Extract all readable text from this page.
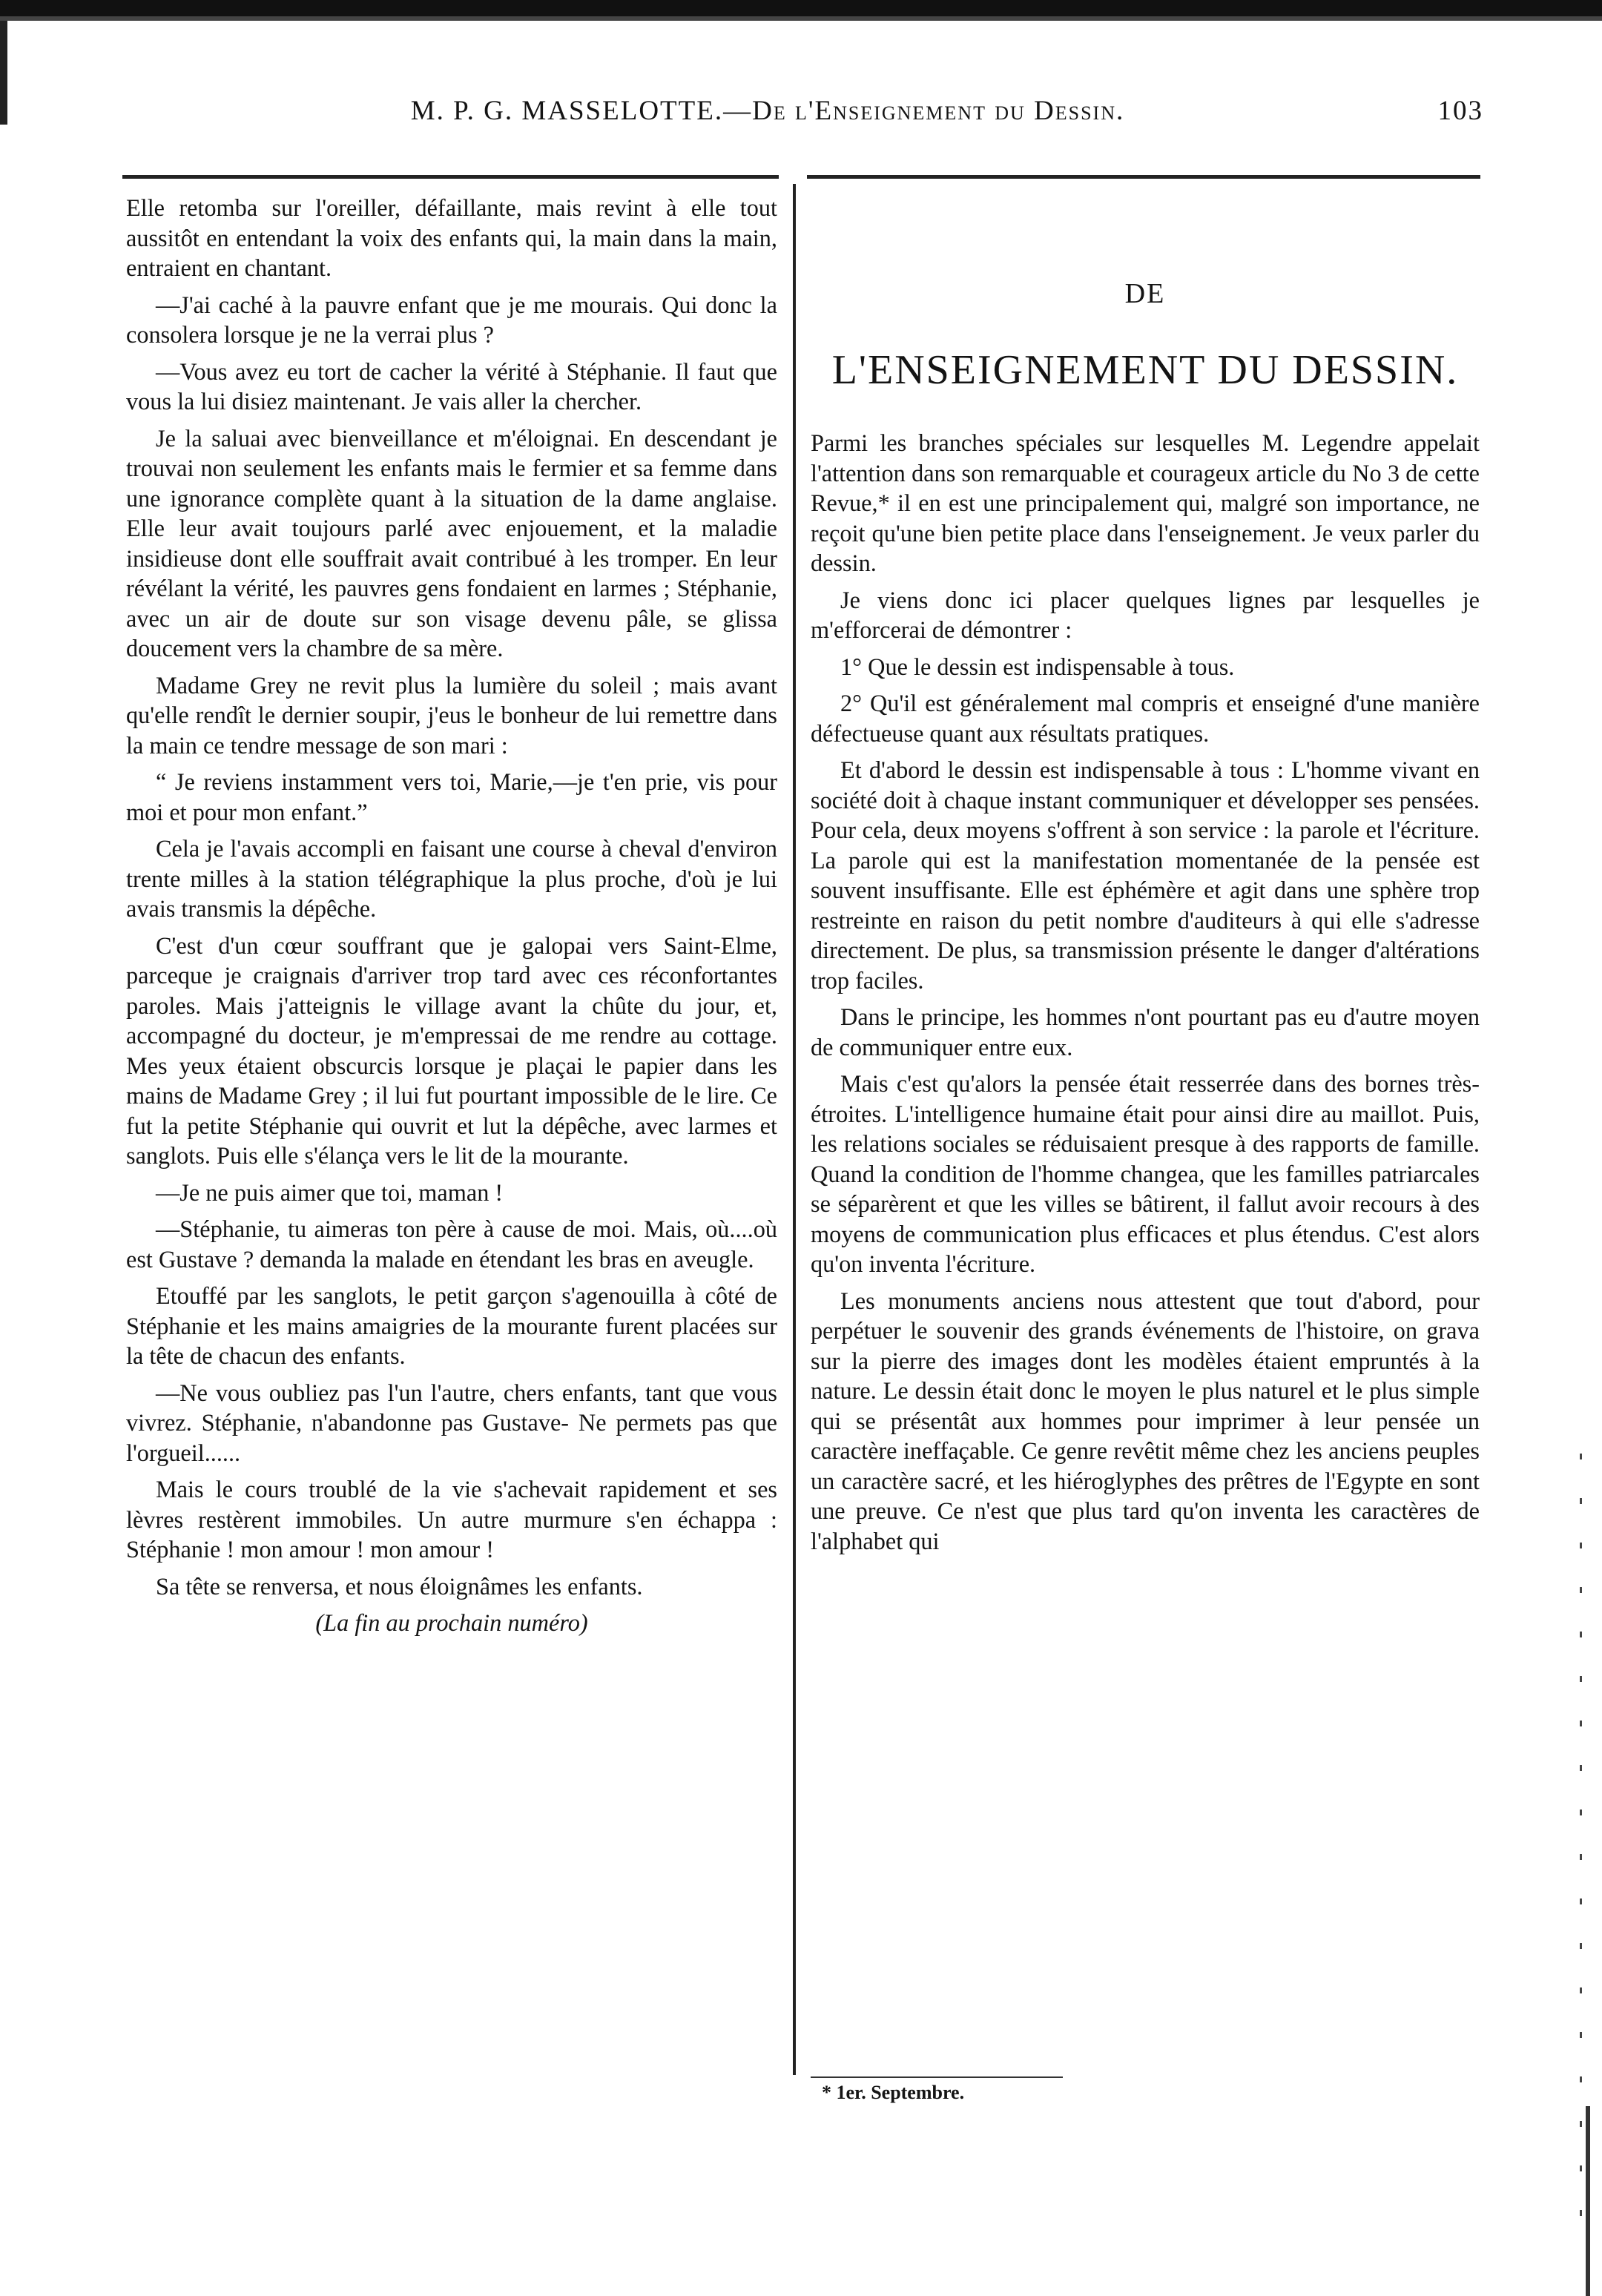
M. P. G. MASSELOTTE.—De l'Enseignement du Dessin.	103

Elle retomba sur l'oreiller, défaillante, mais revint à elle tout aussitôt en entendant la voix des enfants qui, la main dans la main, entraient en chantant.

—J'ai caché à la pauvre enfant que je me mourais. Qui donc la consolera lorsque je ne la verrai plus ?

—Vous avez eu tort de cacher la vérité à Stéphanie. Il faut que vous la lui disiez maintenant. Je vais aller la chercher.

Je la saluai avec bienveillance et m'éloignai. En descendant je trouvai non seulement les enfants mais le fermier et sa femme dans une ignorance complète quant à la situation de la dame anglaise. Elle leur avait toujours parlé avec enjouement, et la maladie insidieuse dont elle souffrait avait contribué à les tromper. En leur révélant la vérité, les pauvres gens fondaient en larmes ; Stéphanie, avec un air de doute sur son visage devenu pâle, se glissa doucement vers la chambre de sa mère.

Madame Grey ne revit plus la lumière du soleil ; mais avant qu'elle rendît le dernier soupir, j'eus le bonheur de lui remettre dans la main ce tendre message de son mari :

“ Je reviens instamment vers toi, Marie,—je t'en prie, vis pour moi et pour mon enfant.”

Cela je l'avais accompli en faisant une course à cheval d'environ trente milles à la station télégraphique la plus proche, d'où je lui avais transmis la dépêche.

C'est d'un cœur souffrant que je galopai vers Saint-Elme, parceque je craignais d'arriver trop tard avec ces réconfortantes paroles. Mais j'atteignis le village avant la chûte du jour, et, accompagné du docteur, je m'empressai de me rendre au cottage. Mes yeux étaient obscurcis lorsque je plaçai le papier dans les mains de Madame Grey ; il lui fut pourtant impossible de le lire. Ce fut la petite Stéphanie qui ouvrit et lut la dépêche, avec larmes et sanglots. Puis elle s'élança vers le lit de la mourante.

—Je ne puis aimer que toi, maman !

—Stéphanie, tu aimeras ton père à cause de moi. Mais, où....où est Gustave ? demanda la malade en étendant les bras en aveugle.

Etouffé par les sanglots, le petit garçon s'agenouilla à côté de Stéphanie et les mains amaigries de la mourante furent placées sur la tête de chacun des enfants.

—Ne vous oubliez pas l'un l'autre, chers enfants, tant que vous vivrez. Stéphanie, n'abandonne pas Gustave- Ne permets pas que l'orgueil......

Mais le cours troublé de la vie s'achevait rapidement et ses lèvres restèrent immobiles. Un autre murmure s'en échappa : Stéphanie ! mon amour ! mon amour !

Sa tête se renversa, et nous éloignâmes les enfants.

(La fin au prochain numéro)

DE
L'ENSEIGNEMENT DU DESSIN.

Parmi les branches spéciales sur lesquelles M. Legendre appelait l'attention dans son remarquable et courageux article du No 3 de cette Revue,* il en est une principalement qui, malgré son importance, ne reçoit qu'une bien petite place dans l'enseignement. Je veux parler du dessin.

Je viens donc ici placer quelques lignes par lesquelles je m'efforcerai de démontrer :

1° Que le dessin est indispensable à tous.

2° Qu'il est généralement mal compris et enseigné d'une manière défectueuse quant aux résultats pratiques.

Et d'abord le dessin est indispensable à tous : L'homme vivant en société doit à chaque instant communiquer et développer ses pensées. Pour cela, deux moyens s'offrent à son service : la parole et l'écriture. La parole qui est la manifestation momentanée de la pensée est souvent insuffisante. Elle est éphémère et agit dans une sphère trop restreinte en raison du petit nombre d'auditeurs à qui elle s'adresse directement. De plus, sa transmission présente le danger d'altérations trop faciles.

Dans le principe, les hommes n'ont pourtant pas eu d'autre moyen de communiquer entre eux.

Mais c'est qu'alors la pensée était resserrée dans des bornes très-étroites. L'intelligence humaine était pour ainsi dire au maillot. Puis, les relations sociales se réduisaient presque à des rapports de famille. Quand la condition de l'homme changea, que les familles patriarcales se séparèrent et que les villes se bâtirent, il fallut avoir recours à des moyens de communication plus efficaces et plus étendus. C'est alors qu'on inventa l'écriture.

Les monuments anciens nous attestent que tout d'abord, pour perpétuer le souvenir des grands événements de l'histoire, on grava sur la pierre des images dont les modèles étaient empruntés à la nature. Le dessin était donc le moyen le plus naturel et le plus simple qui se présentât aux hommes pour imprimer à leur pensée un caractère ineffaçable. Ce genre revêtit même chez les anciens peuples un caractère sacré, et les hiéroglyphes des prêtres de l'Egypte en sont une preuve. Ce n'est que plus tard qu'on inventa les caractères de l'alphabet qui

* 1er. Septembre.
